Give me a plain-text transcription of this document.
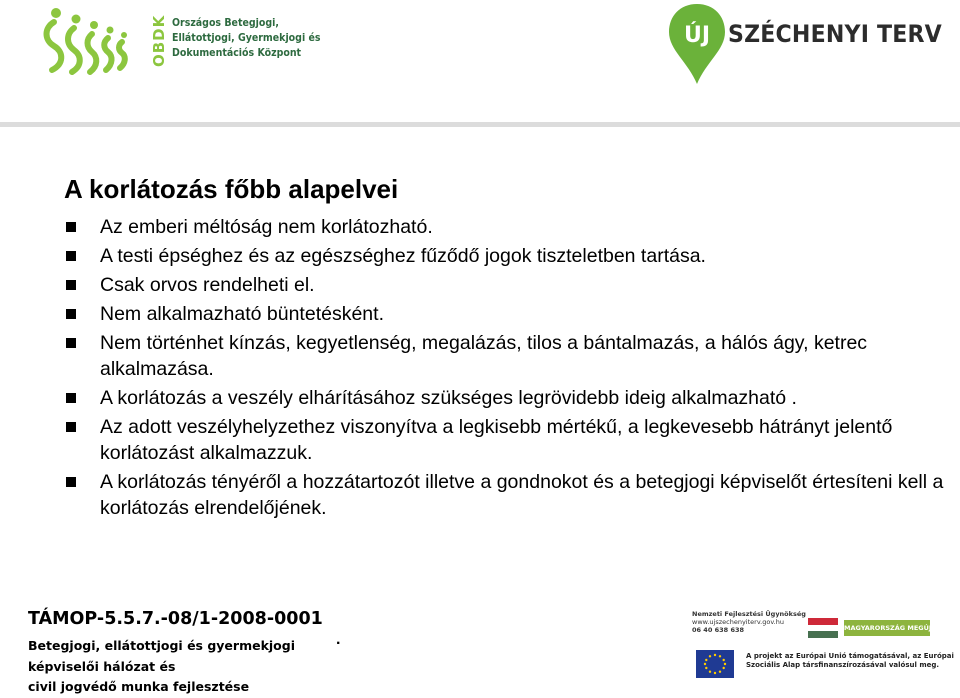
OBDK Országos Betegjogi,
Ellátottjogi, Gyermekjogi és
Dokumentációs Központ
ÚJ SZÉCHENYI TERV
A korlátozás főbb alapelvei
Az emberi méltóság nem korlátozható.
A testi épséghez és az egészséghez fűződő jogok tiszteletben tartása.
Csak orvos rendelheti el.
Nem alkalmazható büntetésként.
Nem történhet kínzás, kegyetlenség, megalázás, tilos a bántalmazás, a hálós ágy, ketrec alkalmazása.
A korlátozás a veszély elhárításához szükséges legrövidebb ideig alkalmazható .
Az adott veszélyhelyzethez viszonyítva a legkisebb mértékű, a legkevesebb hátrányt jelentő korlátozást alkalmazzuk.
A korlátozás tényéről a hozzátartozót illetve a gondnokot és a betegjogi képviselőt értesíteni kell a korlátozás elrendelőjének.
TÁMOP-5.5.7.-08/1-2008-0001
Betegjogi, ellátottjogi és gyermekjogi
képviselői hálózat és
civil jogvédő munka fejlesztése
.
Nemzeti Fejlesztési Ügynökség
www.ujszechenyiterv.gov.hu
06 40 638 638	MAGYARORSZÁG MEGÚJUL
A projekt az Európai Unió támogatásával, az Európai
Szociális Alap társfinanszírozásával valósul meg.
